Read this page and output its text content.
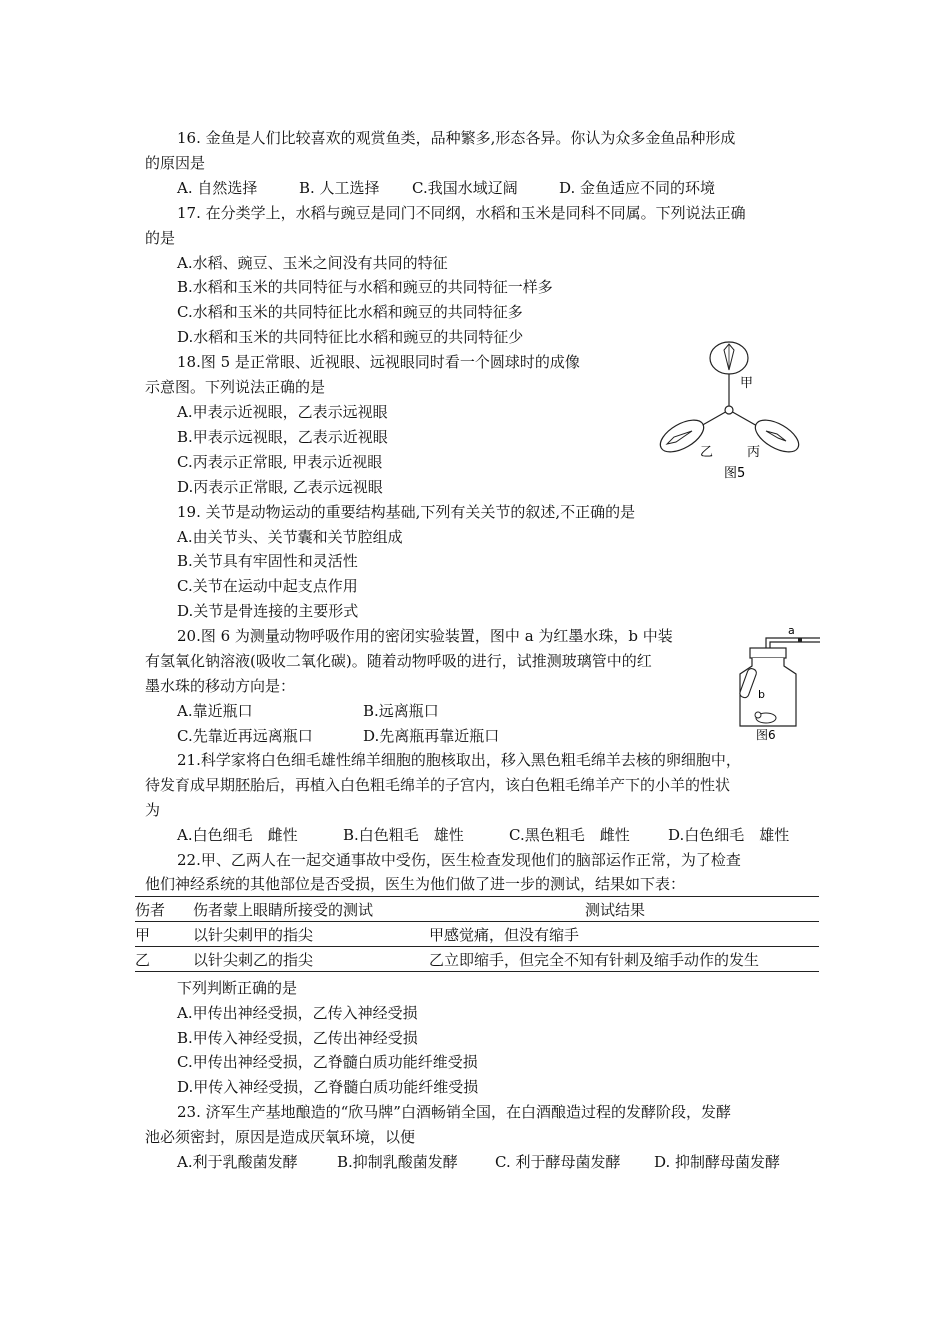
16. 金鱼是人们比较喜欢的观赏鱼类，品种繁多,形态各异。你认为众多金鱼品种形成
的原因是
A. 自然选择	B. 人工选择 C.我国水域辽阔	D. 金鱼适应不同的环境
17. 在分类学上，水稻与豌豆是同门不同纲，水稻和玉米是同科不同属。下列说法正确
的是
A.水稻、豌豆、玉米之间没有共同的特征
B.水稻和玉米的共同特征与水稻和豌豆的共同特征一样多
C.水稻和玉米的共同特征比水稻和豌豆的共同特征多
D.水稻和玉米的共同特征比水稻和豌豆的共同特征少
18.图 5 是正常眼、近视眼、远视眼同时看一个圆球时的成像
示意图。下列说法正确的是
A.甲表示近视眼，乙表示远视眼
B.甲表示远视眼，乙表示近视眼
C.丙表示正常眼, 甲表示近视眼
D.丙表示正常眼, 乙表示远视眼
甲
乙	丙
图5
19. 关节是动物运动的重要结构基础,下列有关关节的叙述,不正确的是
A.由关节头、关节囊和关节腔组成
B.关节具有牢固性和灵活性
C.关节在运动中起支点作用
D.关节是骨连接的主要形式
20.图 6 为测量动物呼吸作用的密闭实验装置，图中 a 为红墨水珠，b 中装
有氢氧化钠溶液(吸收二氧化碳)。随着动物呼吸的进行，试推测玻璃管中的红
墨水珠的移动方向是：
A.靠近瓶口	B.远离瓶口
C.先靠近再远离瓶口	D.先离瓶再靠近瓶口
a
b
图6
21.科学家将白色细毛雄性绵羊细胞的胞核取出，移入黑色粗毛绵羊去核的卵细胞中，
待发育成早期胚胎后，再植入白色粗毛绵羊的子宫内，该白色粗毛绵羊产下的小羊的性状
为
A.白色细毛　雌性	B.白色粗毛　雄性	C.黑色粗毛　雌性	D.白色细毛　雄性
22.甲、乙两人在一起交通事故中受伤，医生检查发现他们的脑部运作正常，为了检查
他们神经系统的其他部位是否受损，医生为他们做了进一步的测试，结果如下表：
伤者	伤者蒙上眼睛所接受的测试	测试结果
甲	以针尖刺甲的指尖	甲感觉痛，但没有缩手
乙	以针尖刺乙的指尖	乙立即缩手，但完全不知有针刺及缩手动作的发生
下列判断正确的是
A.甲传出神经受损，乙传入神经受损
B.甲传入神经受损，乙传出神经受损
C.甲传出神经受损，乙脊髓白质功能纤维受损
D.甲传入神经受损，乙脊髓白质功能纤维受损
23. 济军生产基地酿造的“欣马牌”白酒畅销全国，在白酒酿造过程的发酵阶段，发酵
池必须密封，原因是造成厌氧环境，以便
A.利于乳酸菌发酵	B.抑制乳酸菌发酵 C. 利于酵母菌发酵 D. 抑制酵母菌发酵
